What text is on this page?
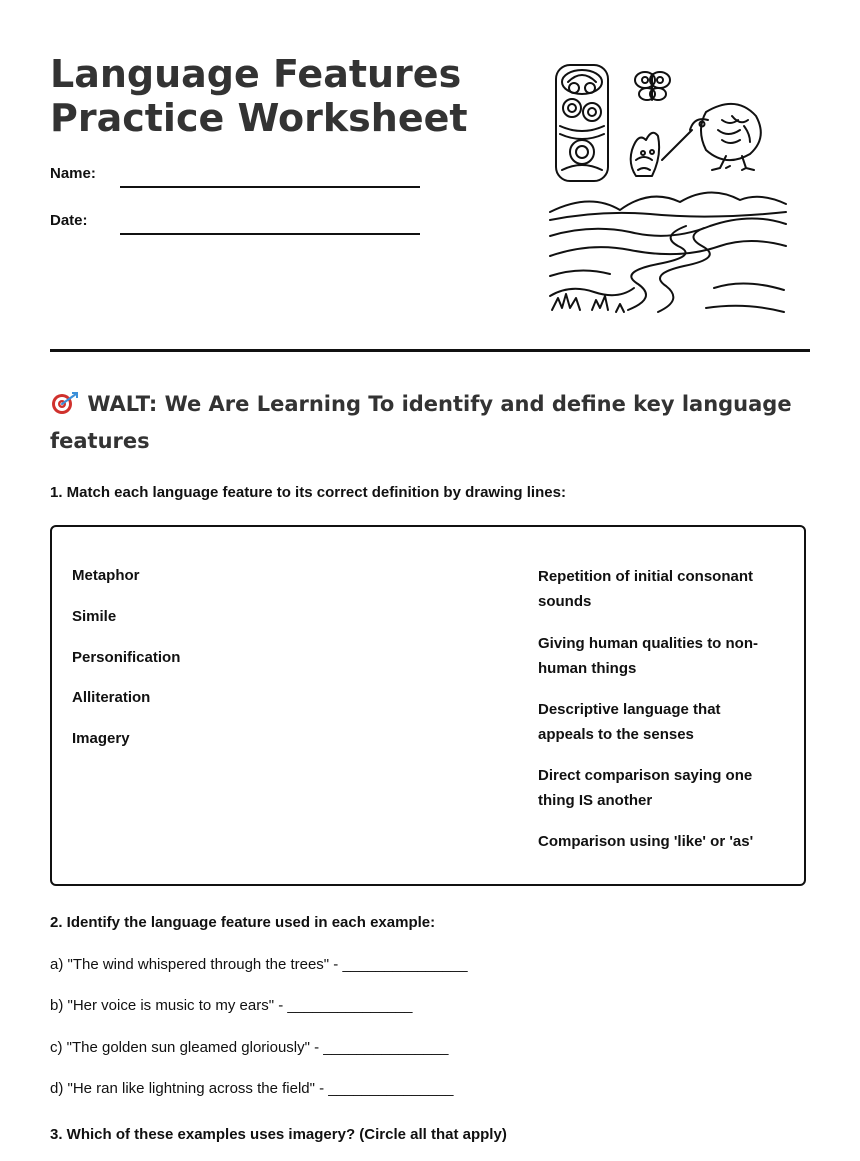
Language Features
Practice Worksheet
Name:
Date:
WALT: We Are Learning To identify and define key language features

1. Match each language feature to its correct definition by drawing lines:

Metaphor
Simile
Personification
Alliteration
Imagery
Repetition of initial consonant sounds
Giving human qualities to non-human things
Descriptive language that appeals to the senses
Direct comparison saying one thing IS another
Comparison using 'like' or 'as'

2. Identify the language feature used in each example:

a) "The wind whispered through the trees" - _______________
b) "Her voice is music to my ears" - _______________
c) "The golden sun gleamed gloriously" - _______________
d) "He ran like lightning across the field" - _______________

3. Which of these examples uses imagery? (Circle all that apply)
